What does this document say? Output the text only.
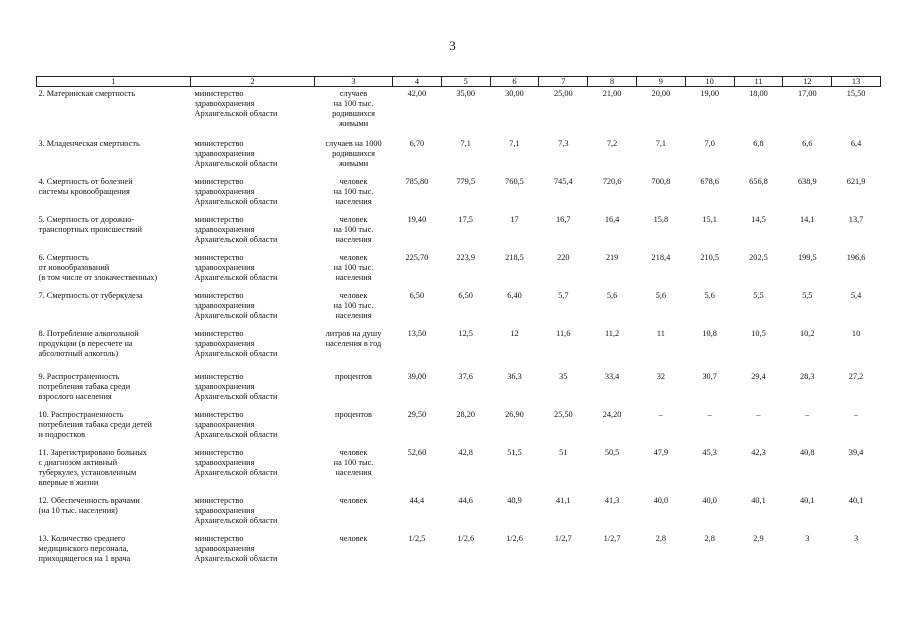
3
1	2	3	4	5	6	7	8	9	10	11	12	13

2. Материнская смертность	министерство
здравоохранения
Архангельской области	случаев
на 100 тыс.
родившихся
живыми	42,00	35,00	30,00	25,00	21,00	20,00	19,00	18,00	17,00	15,50

3. Младенческая смертность	министерство
здравоохранения
Архангельской области	случаев на 1000
родившихся
живыми	6,70	7,1	7,1	7,3	7,2	7,1	7,0	6,8	6,6	6,4

4. Смертность от болезней
системы кровообращения	министерство
здравоохранения
Архангельской области	человек
на 100 тыс.
населения	785,80	779,5	760,5	745,4	720,6	700,8	678,6	656,8	638,9	621,9

5. Смертность от дорожно-
транспортных происшествий	министерство
здравоохранения
Архангельской области	человек
на 100 тыс.
населения	19,40	17,5	17	16,7	16,4	15,8	15,1	14,5	14,1	13,7

6. Смертность
от новообразований
(в том числе от злокачественных)	министерство
здравоохранения
Архангельской области	человек
на 100 тыс.
населения	225,70	223,9	218,5	220	219	218,4	210,5	202,5	199,5	196,6

7. Смертность от туберкулеза	министерство
здравоохранения
Архангельской области	человек
на 100 тыс.
населения	6,50	6,50	6,40	5,7	5,6	5,6	5,6	5,5	5,5	5,4

8. Потребление алкогольной
продукции (в пересчете на
абсолютный алкоголь)	министерство
здравоохранения
Архангельской области	литров на душу
населения в год	13,50	12,5	12	11,6	11,2	11	10,8	10,5	10,2	10

9. Распространенность
потребления табака среди
взрослого населения	министерство
здравоохранения
Архангельской области	процентов	39,00	37,6	36,3	35	33,4	32	30,7	29,4	28,3	27,2

10. Распространенность
потребления табака среди детей
и подростков	министерство
здравоохранения
Архангельской области	процентов	29,50	28,20	26,90	25,50	24,20	–	–	–	–	–

11. Зарегистрировано больных
с диагнозом активный
туберкулез, установленным
впервые в жизни	министерство
здравоохранения
Архангельской области	человек
на 100 тыс.
населения	52,60	42,8	51,5	51	50,5	47,9	45,3	42,3	40,8	39,4

12. Обеспеченность врачами
(на 10 тыс. населения)	министерство
здравоохранения
Архангельской области	человек	44,4	44,6	40,9	41,1	41,3	40,0	40,0	40,1	40,1	40,1

13. Количество среднего
медицинского персонала,
приходящегося на 1 врача	министерство
здравоохранения
Архангельской области	человек	1/2,5	1/2,6	1/2,6	1/2,7	1/2,7	2,8	2,8	2,9	3	3
